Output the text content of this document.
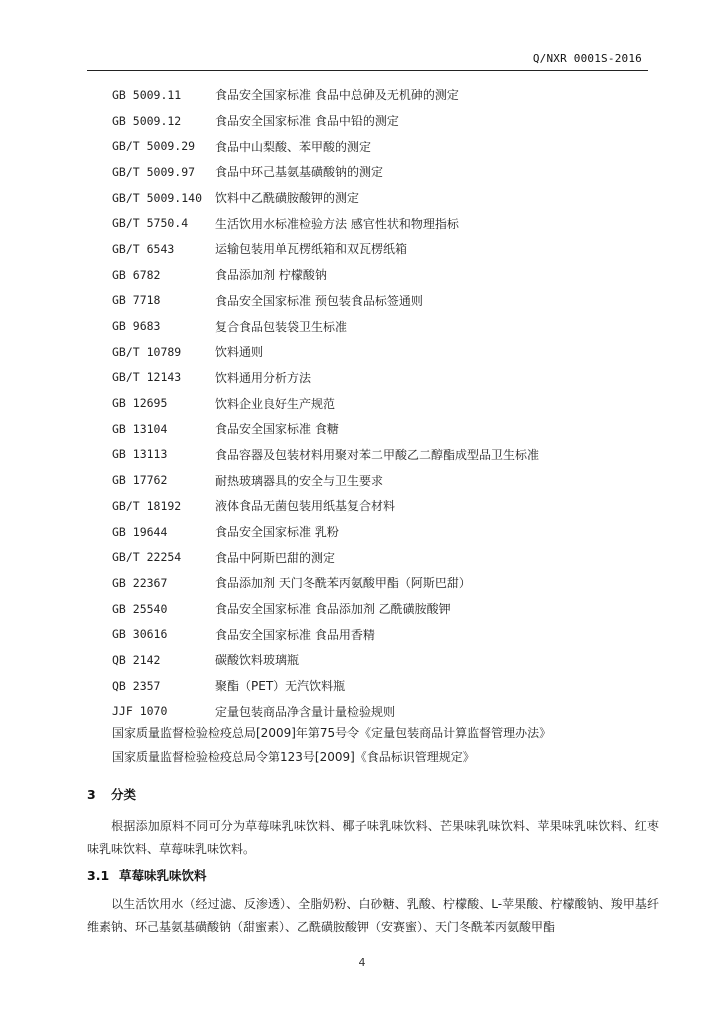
Q/NXR 0001S-2016
GB 5009.11	食品安全国家标准 食品中总砷及无机砷的测定
GB 5009.12	食品安全国家标准 食品中铅的测定
GB/T 5009.29	食品中山梨酸、苯甲酸的测定
GB/T 5009.97	食品中环己基氨基磺酸钠的测定
GB/T 5009.140	饮料中乙酰磺胺酸钾的测定
GB/T 5750.4	生活饮用水标准检验方法 感官性状和物理指标
GB/T 6543	运输包装用单瓦楞纸箱和双瓦楞纸箱
GB 6782	食品添加剂 柠檬酸钠
GB 7718	食品安全国家标准 预包装食品标签通则
GB 9683	复合食品包装袋卫生标准
GB/T 10789	饮料通则
GB/T 12143	饮料通用分析方法
GB 12695	饮料企业良好生产规范
GB 13104	食品安全国家标准 食糖
GB 13113	食品容器及包装材料用聚对苯二甲酸乙二醇酯成型品卫生标准
GB 17762	耐热玻璃器具的安全与卫生要求
GB/T 18192	液体食品无菌包装用纸基复合材料
GB 19644	食品安全国家标准 乳粉
GB/T 22254	食品中阿斯巴甜的测定
GB 22367	食品添加剂 天门冬酰苯丙氨酸甲酯（阿斯巴甜）
GB 25540	食品安全国家标准 食品添加剂 乙酰磺胺酸钾
GB 30616	食品安全国家标准 食品用香精
QB 2142	碳酸饮料玻璃瓶
QB 2357	聚酯（PET）无汽饮料瓶
JJF 1070	定量包装商品净含量计量检验规则
国家质量监督检验检疫总局[2009]年第75号令《定量包装商品计算监督管理办法》
国家质量监督检验检疫总局令第123号[2009]《食品标识管理规定》
3 分类
根据添加原料不同可分为草莓味乳味饮料、椰子味乳味饮料、芒果味乳味饮料、苹果味乳味饮料、红枣味乳味饮料、草莓味乳味饮料。
3.1 草莓味乳味饮料
以生活饮用水（经过滤、反渗透）、全脂奶粉、白砂糖、乳酸、柠檬酸、L-苹果酸、柠檬酸钠、羧甲基纤维素钠、环己基氨基磺酸钠（甜蜜素）、乙酰磺胺酸钾（安赛蜜）、天门冬酰苯丙氨酸甲酯
4
